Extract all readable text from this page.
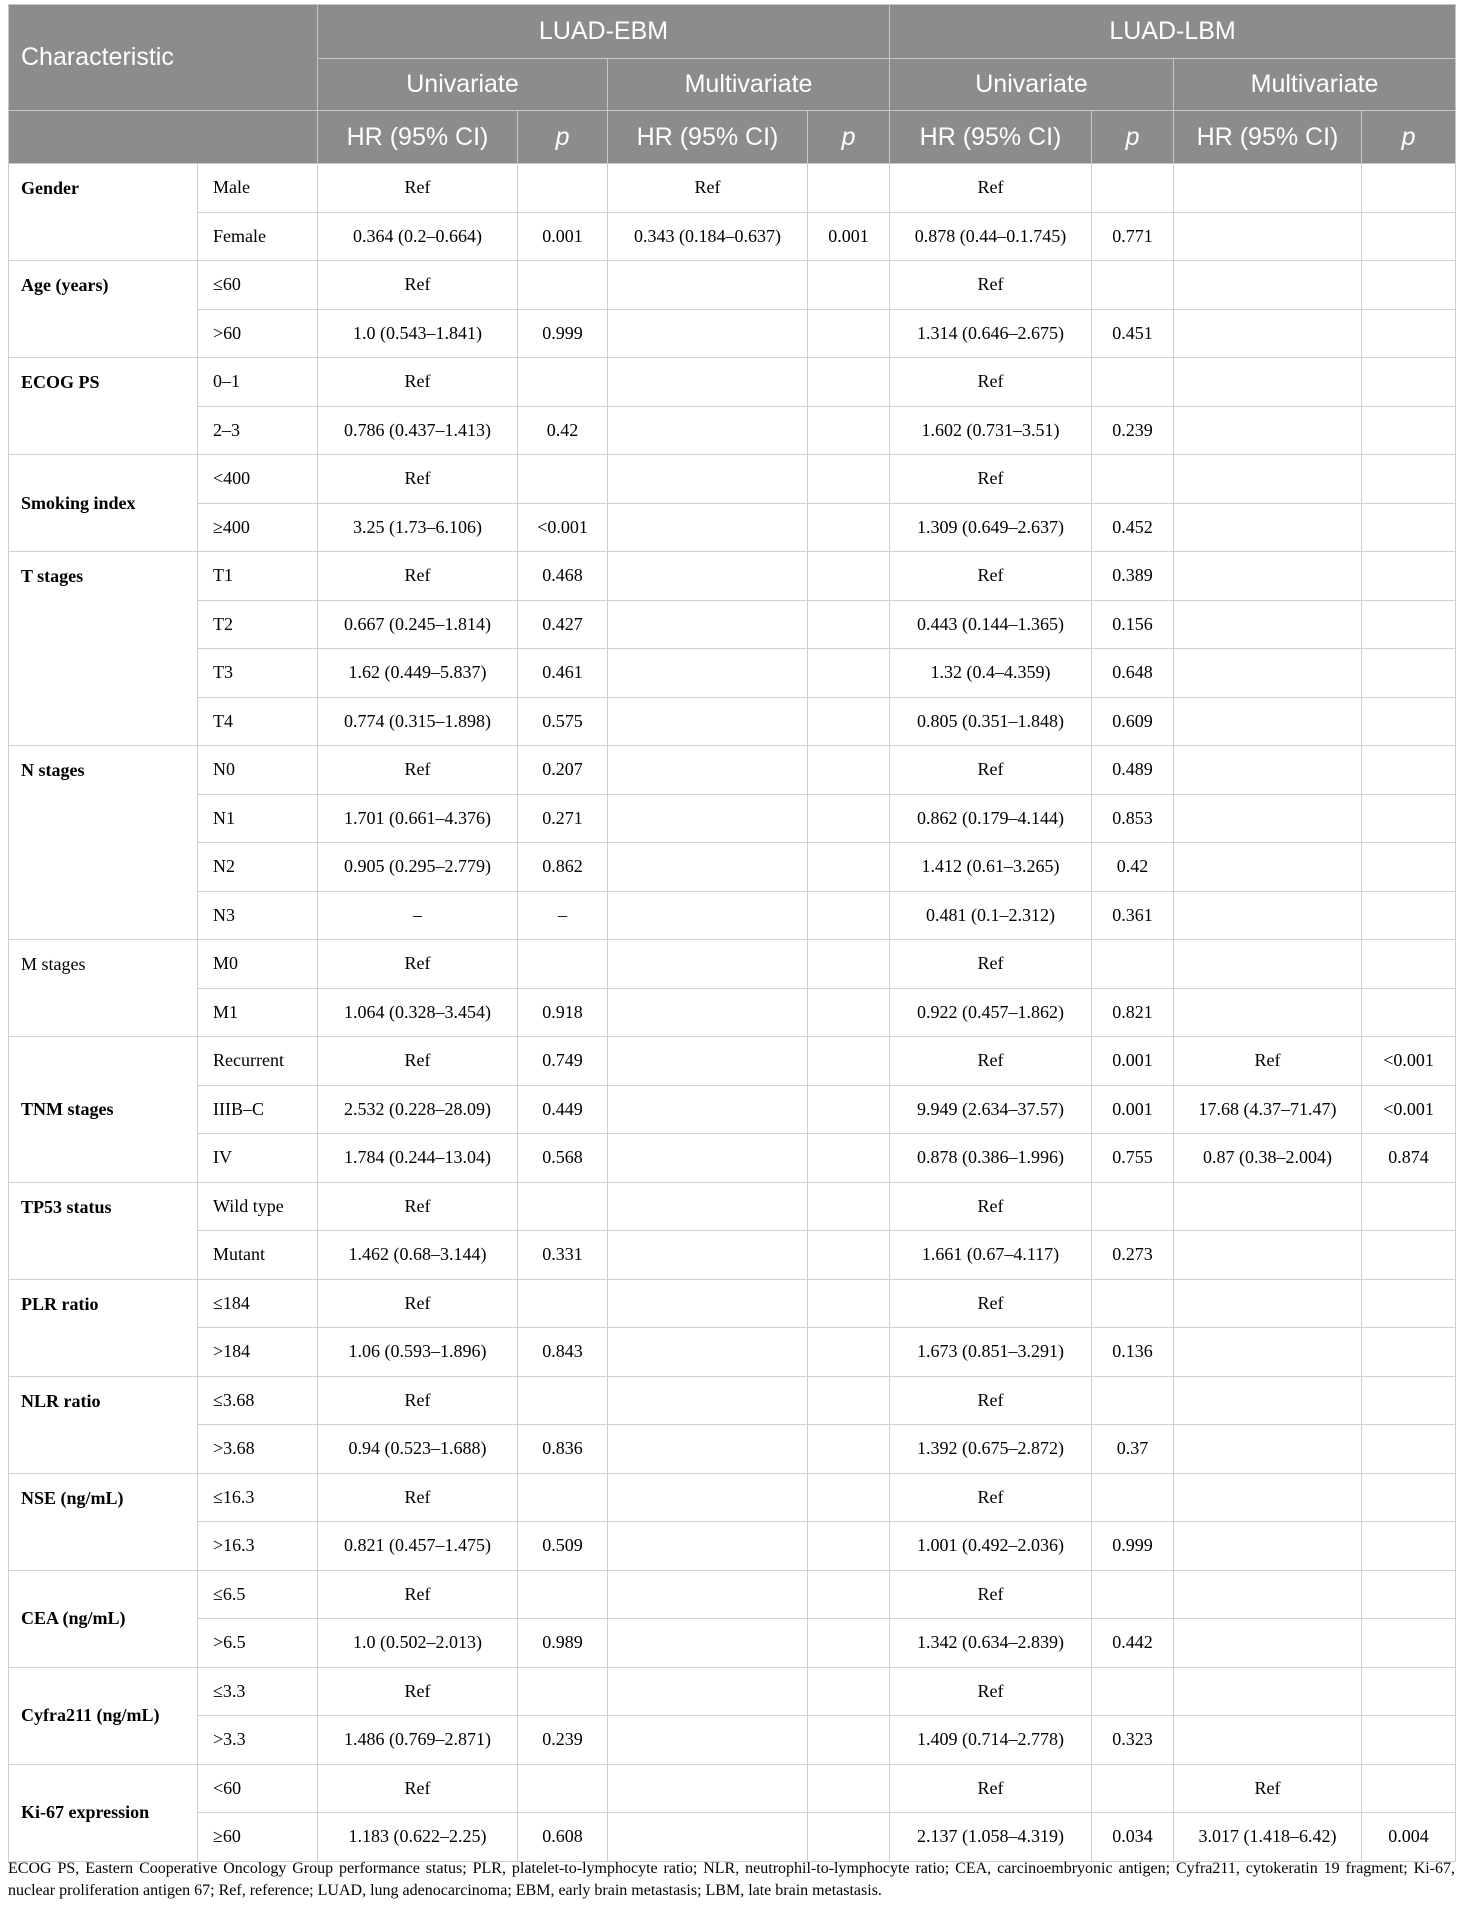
Characteristic		LUAD-EBM				LUAD-LBM			
		Univariate		Multivariate		Univariate		Multivariate	
		HR (95% CI)	p	HR (95% CI)	p	HR (95% CI)	p	HR (95% CI)	p
Gender	Male	Ref		Ref		Ref			
	Female	0.364 (0.2–0.664)	0.001	0.343 (0.184–0.637)	0.001	0.878 (0.44–0.1.745)	0.771		
Age (years)	≤60	Ref				Ref			
	>60	1.0 (0.543–1.841)	0.999			1.314 (0.646–2.675)	0.451		
ECOG PS	0–1	Ref				Ref			
	2–3	0.786 (0.437–1.413)	0.42			1.602 (0.731–3.51)	0.239		
Smoking index	<400	Ref				Ref			
	≥400	3.25 (1.73–6.106)	<0.001			1.309 (0.649–2.637)	0.452		
T stages	T1	Ref	0.468			Ref	0.389		
	T2	0.667 (0.245–1.814)	0.427			0.443 (0.144–1.365)	0.156		
	T3	1.62 (0.449–5.837)	0.461			1.32 (0.4–4.359)	0.648		
	T4	0.774 (0.315–1.898)	0.575			0.805 (0.351–1.848)	0.609		
N stages	N0	Ref	0.207			Ref	0.489		
	N1	1.701 (0.661–4.376)	0.271			0.862 (0.179–4.144)	0.853		
	N2	0.905 (0.295–2.779)	0.862			1.412 (0.61–3.265)	0.42		
	N3	–	–			0.481 (0.1–2.312)	0.361		
M stages	M0	Ref				Ref			
	M1	1.064 (0.328–3.454)	0.918			0.922 (0.457–1.862)	0.821		
TNM stages	Recurrent	Ref	0.749			Ref	0.001	Ref	<0.001
	IIIB–C	2.532 (0.228–28.09)	0.449			9.949 (2.634–37.57)	0.001	17.68 (4.37–71.47)	<0.001
	IV	1.784 (0.244–13.04)	0.568			0.878 (0.386–1.996)	0.755	0.87 (0.38–2.004)	0.874
TP53 status	Wild type	Ref				Ref			
	Mutant	1.462 (0.68–3.144)	0.331			1.661 (0.67–4.117)	0.273		
PLR ratio	≤184	Ref				Ref			
	>184	1.06 (0.593–1.896)	0.843			1.673 (0.851–3.291)	0.136		
NLR ratio	≤3.68	Ref				Ref			
	>3.68	0.94 (0.523–1.688)	0.836			1.392 (0.675–2.872)	0.37		
NSE (ng/mL)	≤16.3	Ref				Ref			
	>16.3	0.821 (0.457–1.475)	0.509			1.001 (0.492–2.036)	0.999		
CEA (ng/mL)	≤6.5	Ref				Ref			
	>6.5	1.0 (0.502–2.013)	0.989			1.342 (0.634–2.839)	0.442		
Cyfra211 (ng/mL)	≤3.3	Ref				Ref			
	>3.3	1.486 (0.769–2.871)	0.239			1.409 (0.714–2.778)	0.323		
Ki-67 expression	<60	Ref				Ref		Ref	
	≥60	1.183 (0.622–2.25)	0.608			2.137 (1.058–4.319)	0.034	3.017 (1.418–6.42)	0.004
ECOG PS, Eastern Cooperative Oncology Group performance status; PLR, platelet-to-lymphocyte ratio; NLR, neutrophil-to-lymphocyte ratio; CEA, carcinoembryonic antigen; Cyfra211, cytokeratin 19 fragment; Ki-67, nuclear proliferation antigen 67; Ref, reference; LUAD, lung adenocarcinoma; EBM, early brain metastasis; LBM, late brain metastasis.
